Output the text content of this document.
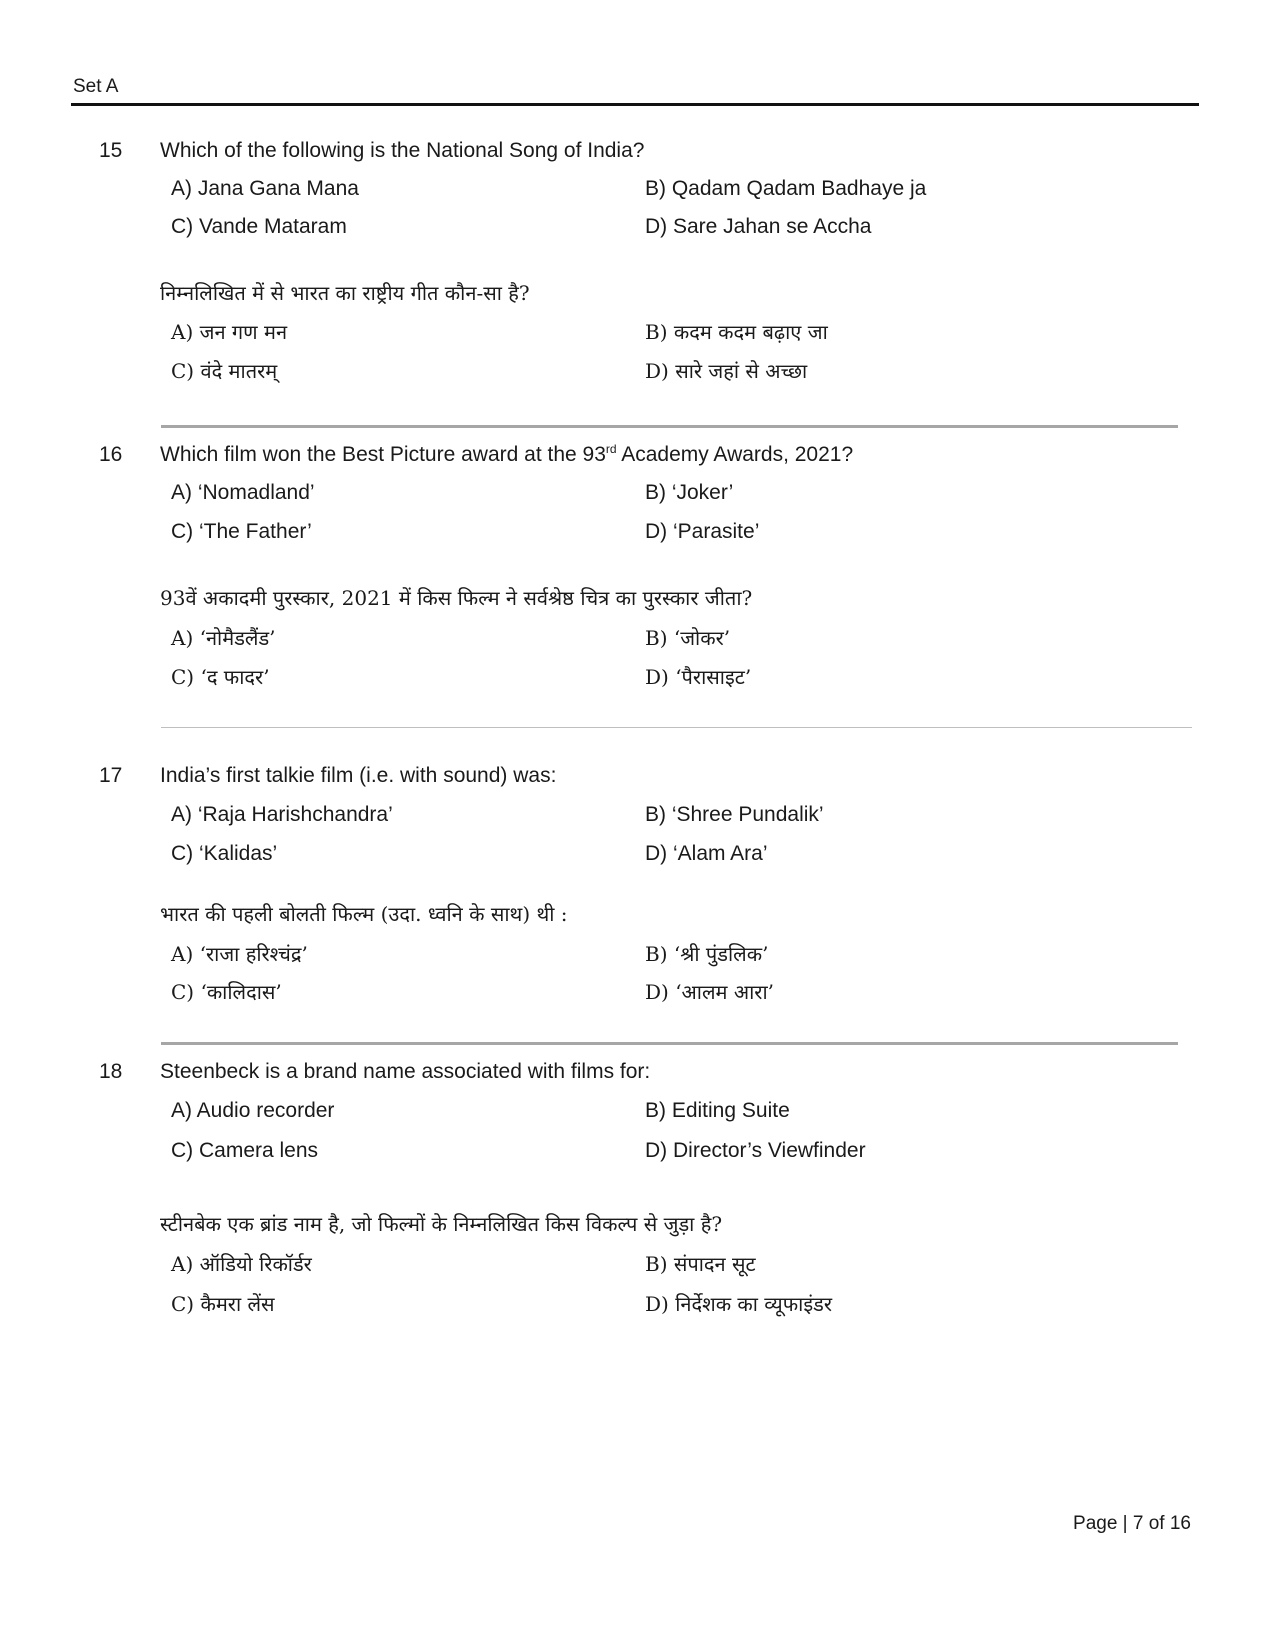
Set A
15 Which of the following is the National Song of India?
A) Jana Gana Mana	B) Qadam Qadam Badhaye ja
C) Vande Mataram	D) Sare Jahan se Accha
निम्नलिखित में से भारत का राष्ट्रीय गीत कौन-सा है?
A) जन गण मन	B) कदम कदम बढ़ाए जा
C) वंदे मातरम्	D) सारे जहां से अच्छा
16 Which film won the Best Picture award at the 93rd Academy Awards, 2021?
A) ‘Nomadland’	B) ‘Joker’
C) ‘The Father’	D) ‘Parasite’
93वें अकादमी पुरस्कार, 2021 में किस फिल्म ने सर्वश्रेष्ठ चित्र का पुरस्कार जीता?
A) ‘नोमैडलैंड’	B) ‘जोकर’
C) ‘द फादर’	D) ‘पैरासाइट’
17 India’s first talkie film (i.e. with sound) was:
A) ‘Raja Harishchandra’	B) ‘Shree Pundalik’
C) ‘Kalidas’	D) ‘Alam Ara’
भारत की पहली बोलती फिल्म (उदा. ध्वनि के साथ) थी :
A) ‘राजा हरिश्चंद्र’	B) ‘श्री पुंडलिक’
C) ‘कालिदास’	D) ‘आलम आरा’
18 Steenbeck is a brand name associated with films for:
A) Audio recorder	B) Editing Suite
C) Camera lens	D) Director’s Viewfinder
स्टीनबेक एक ब्रांड नाम है, जो फिल्मों के निम्नलिखित किस विकल्प से जुड़ा है?
A) ऑडियो रिकॉर्डर	B) संपादन सूट
C) कैमरा लेंस	D) निर्देशक का व्यूफाइंडर
Page | 7 of 16
